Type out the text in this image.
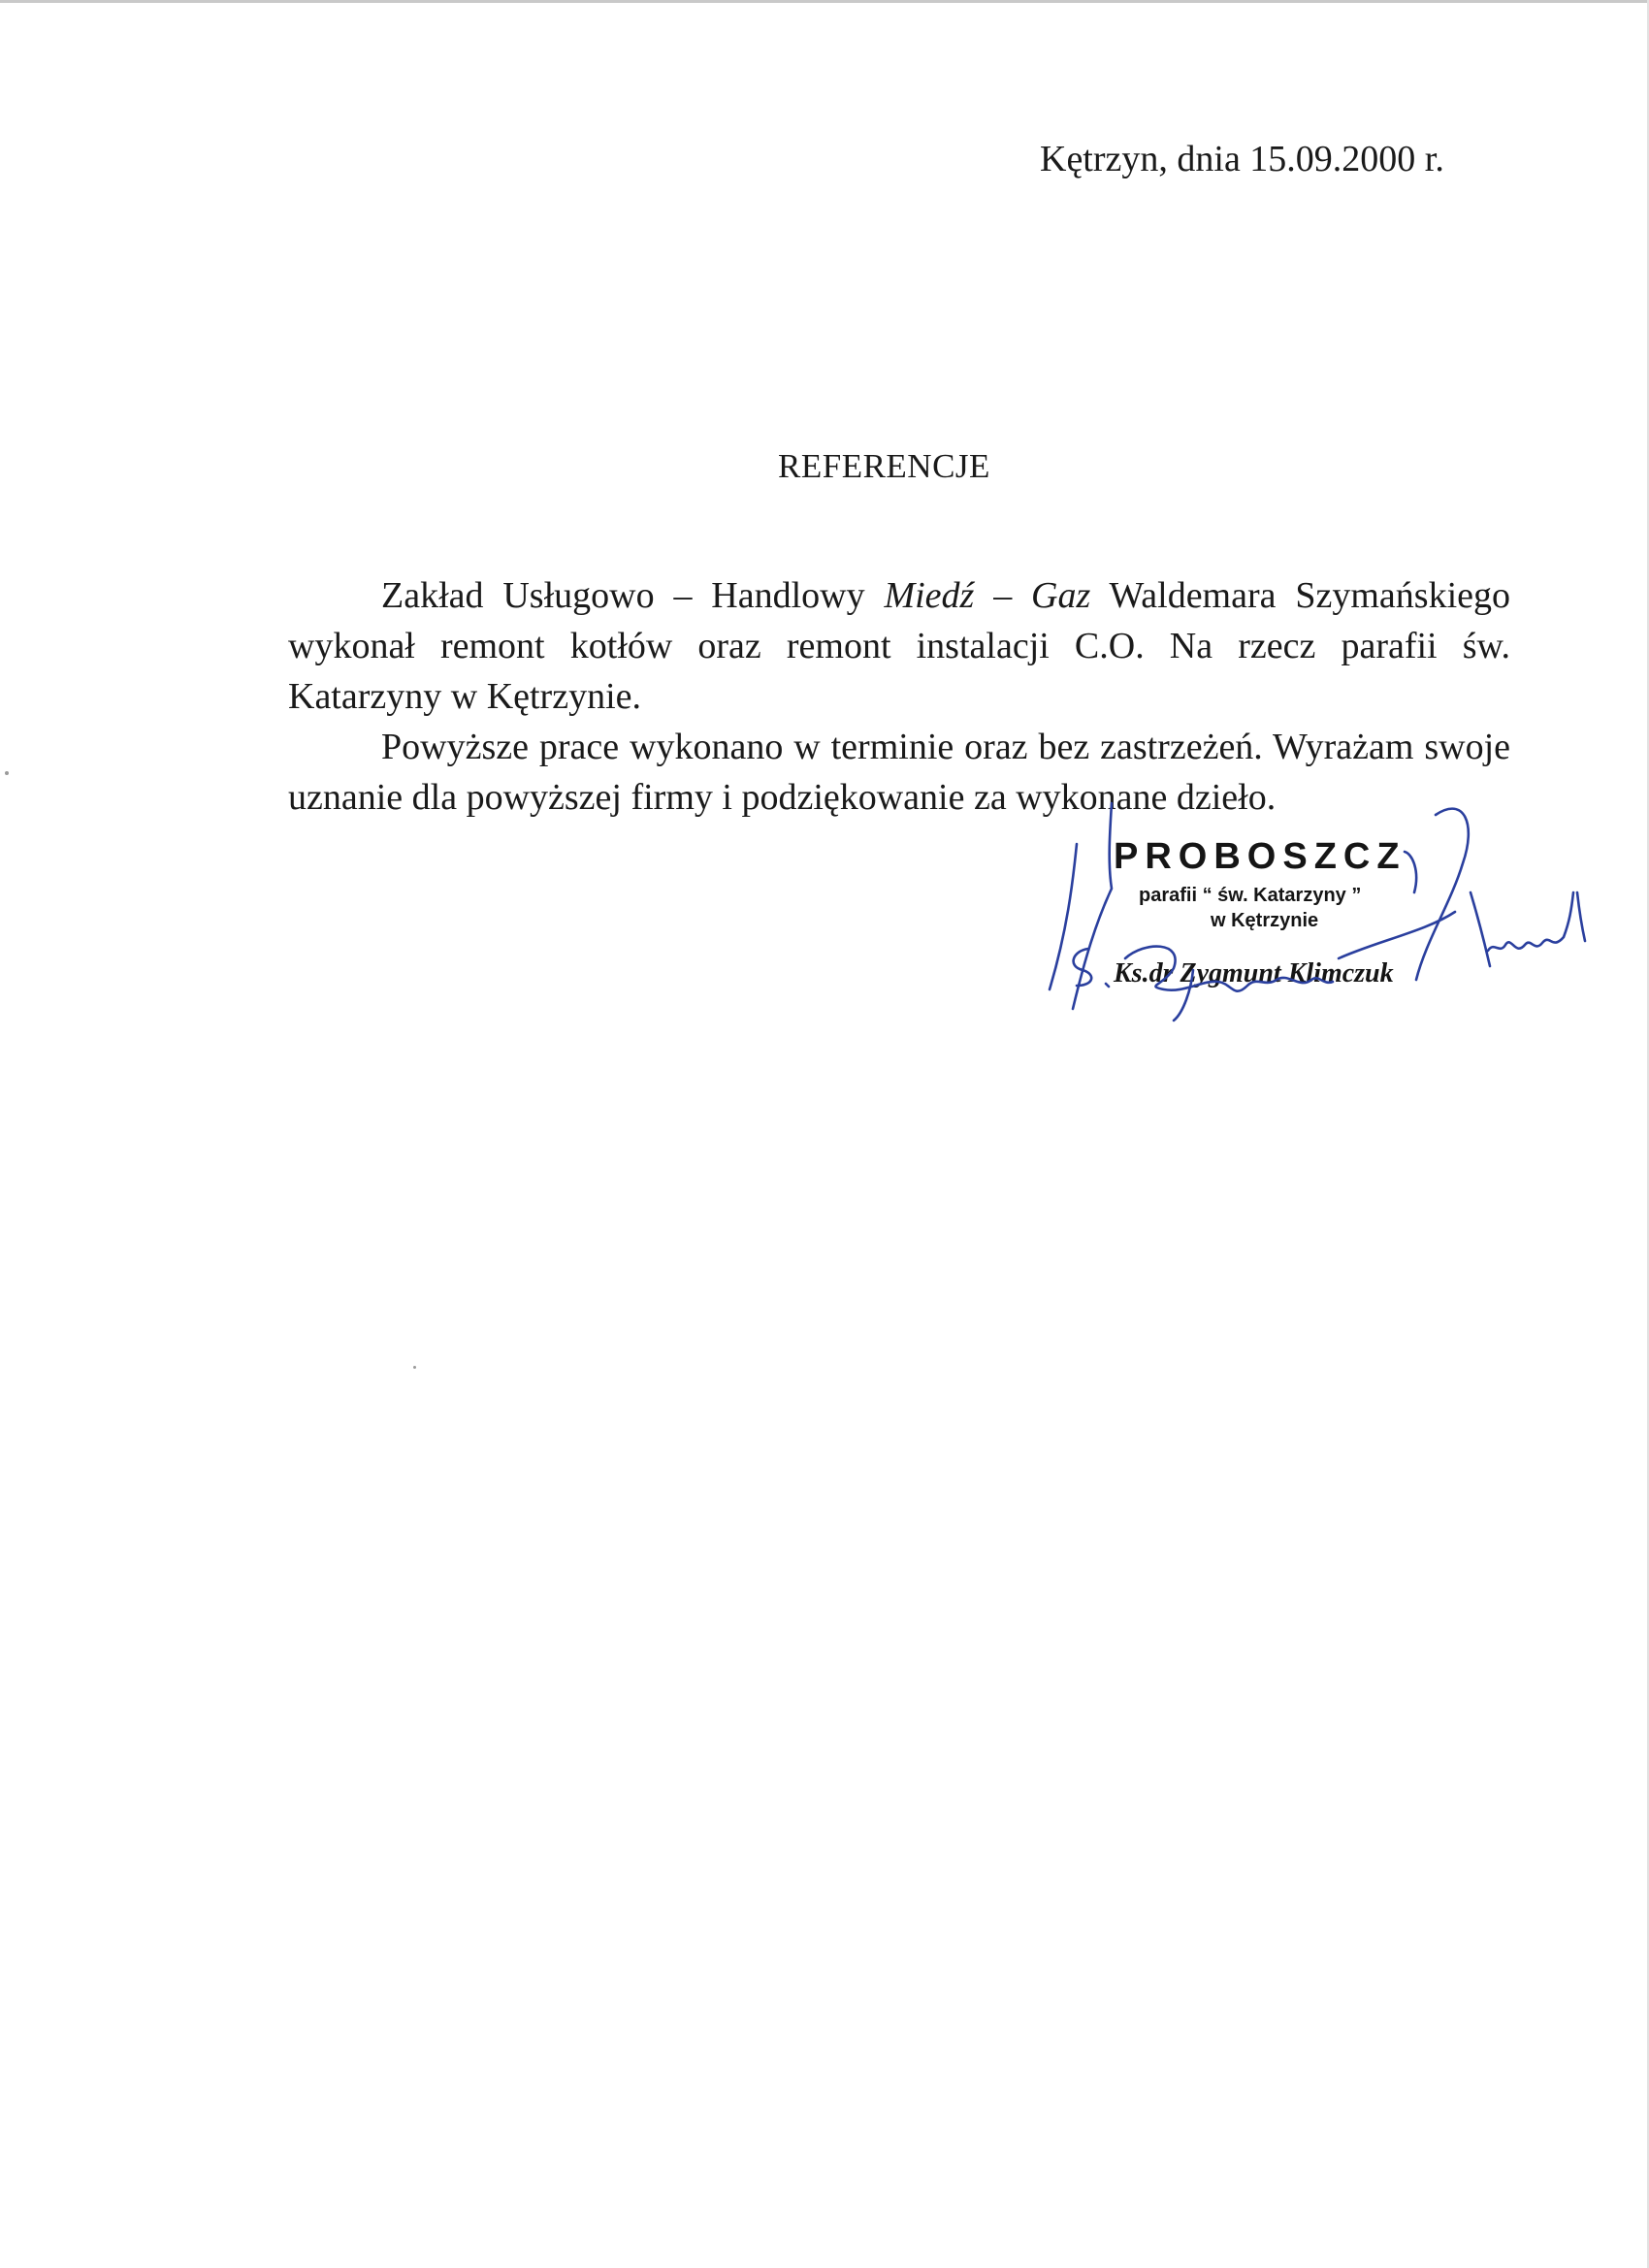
Kętrzyn, dnia 15.09.2000 r.
REFERENCJE

Zakład Usługowo – Handlowy Miedź – Gaz Waldemara Szymańskiego wykonał remont kotłów oraz remont instalacji C.O. Na rzecz parafii św. Katarzyny w Kętrzynie.

Powyższe prace wykonano w terminie oraz bez zastrzeżeń. Wyrażam swoje uznanie dla powyższej firmy i podziękowanie za wykonane dzieło.

PROBOSZCZ
parafii “ św. Katarzyny ”
w Kętrzynie
Ks.dr Zygmunt Klimczuk
